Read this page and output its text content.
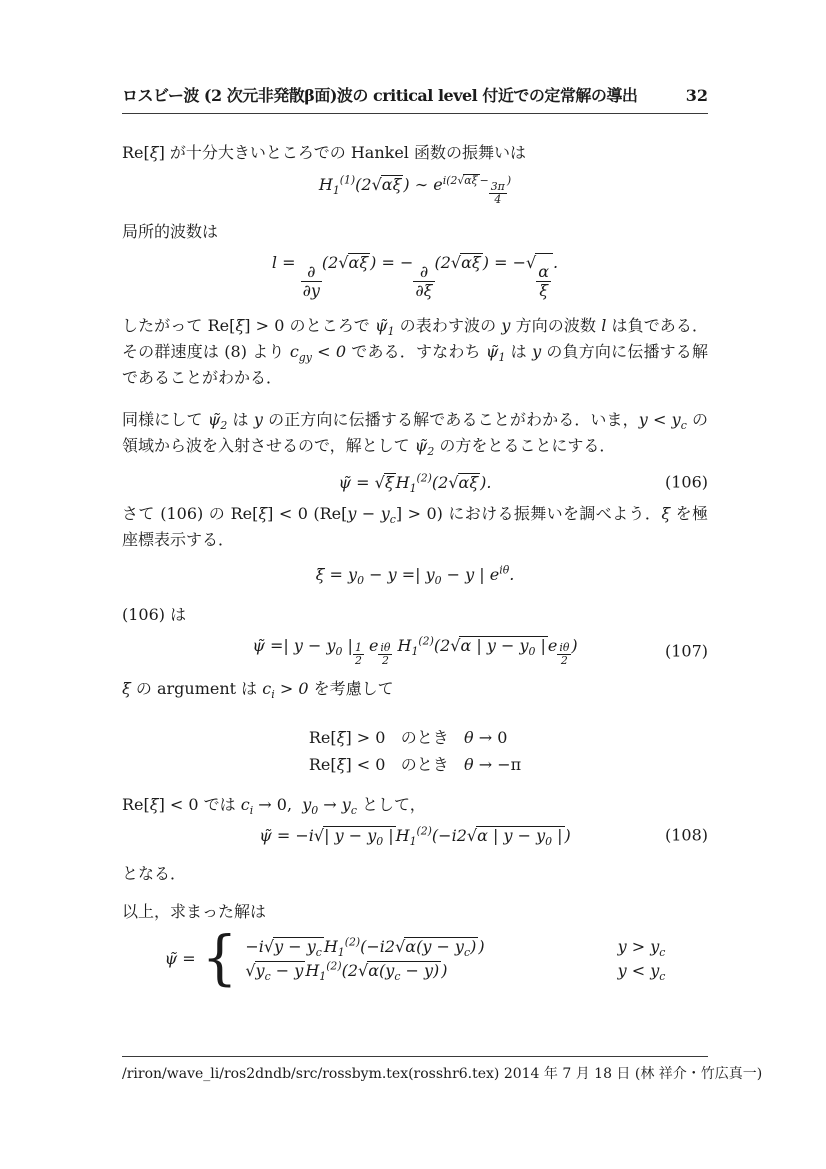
ロスビー波 (2 次元非発散β面)波の critical level 付近での定常解の導出	32

Re[ξ] が十分大きいところでの Hankel 函数の振舞いは

$H_1^{(1)}(2√\alpha\xi$ ) ∼ $e^{i(2√\alpha\xi - \frac{3\pi}{4} )}$

局所的波数は

l =
$\frac{\partial}{\partial y}$
(2√αξ ) = −
$\frac{\partial}{\partial\xi}$
(2√αξ ) = −√
$\frac{\alpha}{\xi}$
.

したがって Re[ξ] > 0 のところで $\psĩ_1$ の表わす波の y 方向の波数 l は負である．その群速度は (8) より $c_{gy} < 0$ である．すなわち $\psĩ_1$ は y の負方向に伝播する解であることがわかる．

同様にして $\psĩ_2$ は y の正方向に伝播する解であることがわかる．いま，$y < y_c$ の領域から波を入射させるので，解として $\psĩ_2$ の方をとることにする．

ψ̃ = √ξ $H_1^{(2)}(2√\alpha\xi$ ).	(106)

さて (106) の Re[ξ] < 0 $(Re[y - y_c] > 0)$ における振舞いを調べよう．ξ を極座標表示する．

$\xi = y_0 - y$ =| $y_0 - y$ | $e^{i\theta}$.

(106) は

ψ̃ =| $y - y_0$ | $^{\frac{1}{2}}$ e $^{\frac{i\theta}{2}}$ $H_1^{(2)}(2√\alpha$ | $y - y_0$ | e $^{\frac{i\theta}{2}}$ )	(107)

ξ の argument は $c_i > 0$ を考慮して

Re[ξ] > 0   のとき   θ → 0
Re[ξ] < 0   のとき   θ → −π

Re[ξ] < 0 では $c_i \to 0$,  $y_0 \to y_c$ として，

ψ̃ = −i√| $y - y_0$ | $H_1^{(2)}(-i2√\alpha$ | $y - y_0$ | )	(108)

となる．

以上，求まった解は

ψ̃ = { $-i√y - y_c$ $H_1^{(2)}(-i2√\alpha(y - y_c)$ )	$y > y_c$
$√y_c - y$ $H_1^{(2)}(2√\alpha(y_c - y)$ )	$y < y_c$
/riron/wave_li/ros2dndb/src/rossbym.tex(rosshr6.tex) 2014 年 7 月 18 日 (林 祥介・竹広真一)
